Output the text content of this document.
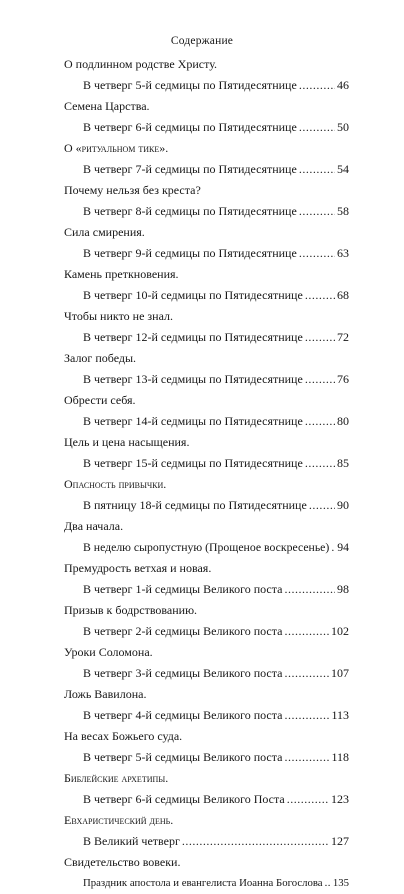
Содержание
О подлинном родстве Христу.
В четверг 5-й седмицы по Пятидесятнице .....	46
Семена Царства.
В четверг 6-й седмицы по Пятидесятнице .....	50
О «ритуальном тике».
В четверг 7-й седмицы по Пятидесятнице .....	54
Почему нельзя без креста?
В четверг 8-й седмицы по Пятидесятнице .....	58
Сила смирения.
В четверг 9-й седмицы по Пятидесятнице .....	63
Камень преткновения.
В четверг 10-й седмицы по Пятидесятнице .....	68
Чтобы никто не знал.
В четверг 12-й седмицы по Пятидесятнице .....	72
Залог победы.
В четверг 13-й седмицы по Пятидесятнице .....	76
Обрести себя.
В четверг 14-й седмицы по Пятидесятнице .....	80
Цель и цена насыщения.
В четверг 15-й седмицы по Пятидесятнице .....	85
Опасность привычки.
В пятницу 18-й седмицы по Пятидесятнице .....	90
Два начала.
В неделю сыропустную (Прощеное воскресенье) ..... 94
Премудрость ветхая и новая.
В четверг 1-й седмицы Великого поста .....	98
Призыв к бодрствованию.
В четверг 2-й седмицы Великого поста .....	102
Уроки Соломона.
В четверг 3-й седмицы Великого поста .....	107
Ложь Вавилона.
В четверг 4-й седмицы Великого поста .....	113
На весах Божьего суда.
В четверг 5-й седмицы Великого поста .....	118
Библейские архетипы.
В четверг 6-й седмицы Великого Поста .....	123
Евхаристический день.
В Великий четверг .....	127
Свидетельство вовеки.
Праздник апостола и евангелиста Иоанна Богослова ..... 135
